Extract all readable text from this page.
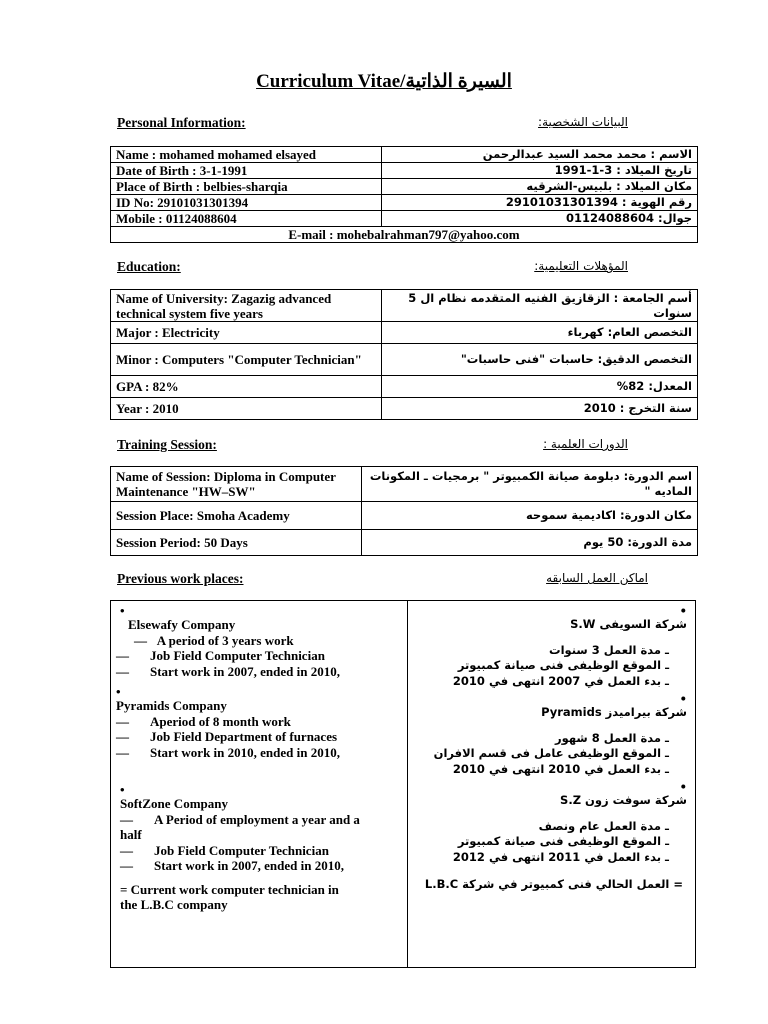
Curriculum Vitae/السيرة الذاتية
Personal Information:	البيانات الشخصية:
Name : mohamed mohamed elsayed	الاسم : محمد محمد السيد عبدالرحمن
Date of Birth : 3-1-1991	تاريخ الميلاد : 3-1-1991
Place of Birth : belbies-sharqia	مكان الميلاد : بلبيس-الشرقيه
ID No: 29101031301394	رقم الهوية : 29101031301394
Mobile : 01124088604	جوال: 01124088604
E-mail : mohebalrahman797@yahoo.com	
Education:	المؤهلات التعليمية:
Name of University: Zagazig advanced technical system five years	أسم الجامعة : الزقازيق الفنيه المتقدمه نظام ال 5 سنوات
Major : Electricity	التخصص العام: كهرباء
Minor : Computers "Computer Technician"	التخصص الدقيق: حاسبات "فنى حاسبات"
GPA : 82%	المعدل: 82%
Year : 2010	سنة التخرج : 2010
Training Session:	الدورات العلمية :
Name of Session: Diploma in Computer Maintenance "HW–SW"	اسم الدورة: دبلومة صيانة الكمبيوتر " برمجيات ـ المكونات الماديه "
Session Place: Smoha Academy	مكان الدورة: اكاديمية سموحه
Session Period: 50 Days	مدة الدورة: 50 يوم
Previous work places:	اماكن العمل السابقه
•
Elsewafy Company
— A period of 3 years work
— Job Field Computer Technician
— Start work in 2007, ended in 2010,
•
Pyramids Company
— Aperiod of 8 month work
— Job Field Department of furnaces
— Start work in 2010, ended in 2010,
•
SoftZone Company
— A Period of employment a year and a
half
— Job Field Computer Technician
— Start work in 2007, ended in 2010,
= Current work computer technician in
the L.B.C company
•
شركة السويفى S.W
ـ مدة العمل 3 سنوات
ـ الموقع الوظيفى فنى صيانة كمبيوتر
ـ بدء العمل في 2007 انتهى في 2010
•
شركة بيراميدز Pyramids
ـ مدة العمل 8 شهور
ـ الموقع الوظيفى عامل فى قسم الافران
ـ بدء العمل في 2010 انتهى في 2010
•
شركة سوفت زون S.Z
ـ مدة العمل عام ونصف
ـ الموقع الوظيفى فنى صيانة كمبيوتر
ـ بدء العمل في 2011 انتهى في 2012
= العمل الحالي فنى كمبيوتر في شركة L.B.C
